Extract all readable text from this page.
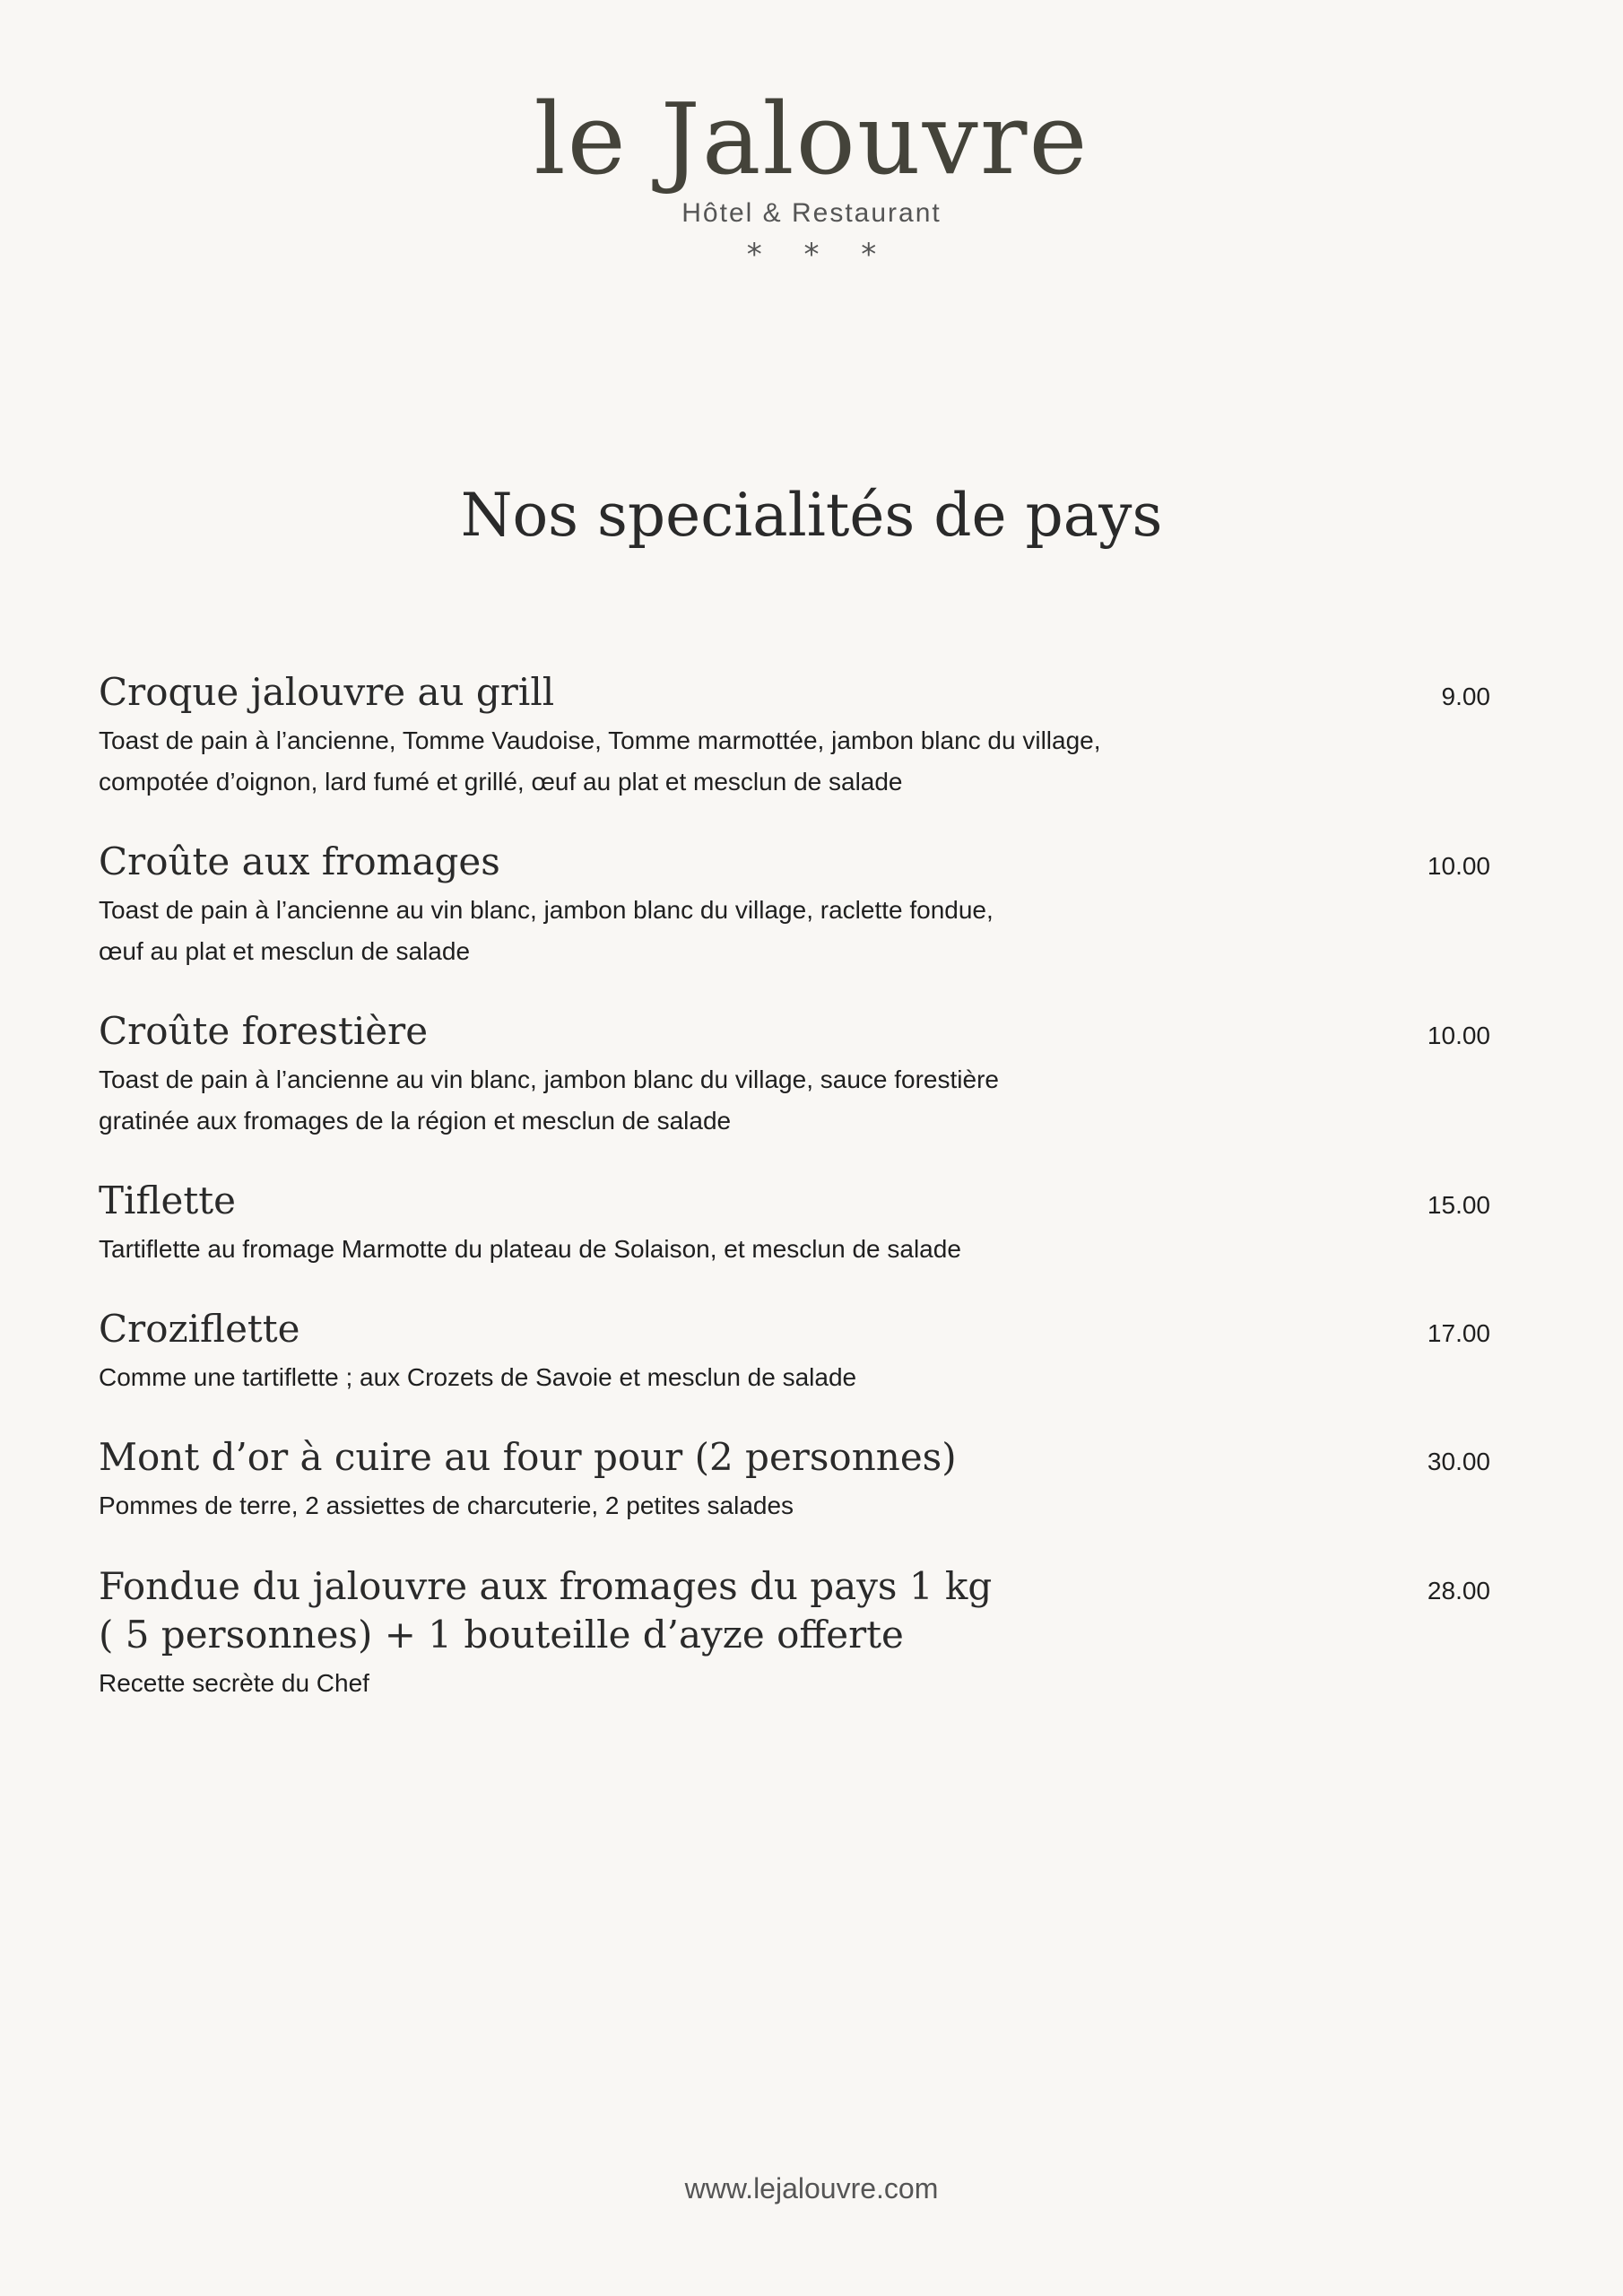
le Jalouvre
Hôtel & Restaurant
* * *
Nos specialités de pays
Croque jalouvre au grill
Toast de pain à l’ancienne, Tomme Vaudoise, Tomme marmottée, jambon blanc du village,
compotée d’oignon, lard fumé et grillé, œuf au plat et mesclun de salade
9.00
Croûte aux fromages
Toast de pain à l’ancienne au vin blanc, jambon blanc du village, raclette fondue,
œuf au plat et mesclun de salade
10.00
Croûte forestière
Toast de pain à l’ancienne au vin blanc, jambon blanc du village, sauce forestière
gratinée aux fromages de la région et mesclun de salade
10.00
Tiflette
Tartiflette au fromage Marmotte du plateau de Solaison, et mesclun de salade
15.00
Croziflette
Comme une tartiflette ; aux Crozets de Savoie et mesclun de salade
17.00
Mont d’or à cuire au four pour (2 personnes)
Pommes de terre, 2 assiettes de charcuterie, 2 petites salades
30.00
Fondue du jalouvre aux fromages du pays 1 kg
( 5 personnes) + 1 bouteille d’ayze offerte
Recette secrète du Chef
28.00
www.lejalouvre.com
